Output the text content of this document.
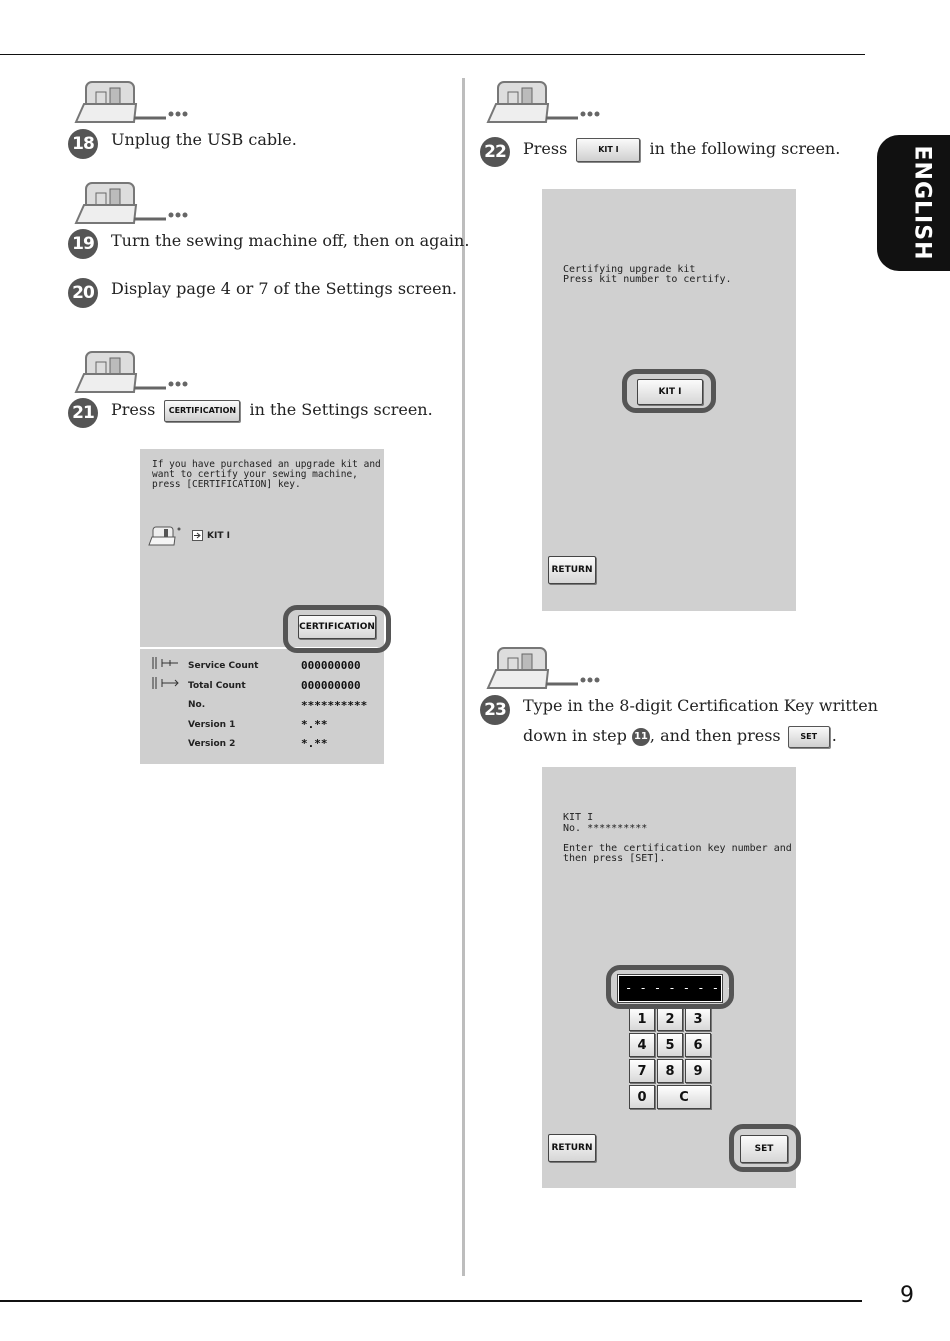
ENGLISH
9
18 Unplug the USB cable.
19 Turn the sewing machine off, then on again.
20 Display page 4 or 7 of the Settings screen.
21 Press CERTIFICATION in the Settings screen.
If you have purchased an upgrade kit and
want to certify your sewing machine,
press [CERTIFICATION] key.
KIT I
CERTIFICATION
Service Count	000000000
Total Count	000000000
No.	**********
Version 1	*.**
Version 2	*.**
22 Press	KIT I in the following screen.
Certifying upgrade kit
Press kit number to certify.
KIT I
RETURN
23 Type in the 8-digit Certification Key written
down in step 11 , and then press SET .
KIT I
No. **********
Enter the certification key number and
then press [SET].
- - - - - - - -
1	2	3
4	5	6
7	8	9
0	C
RETURN	SET
